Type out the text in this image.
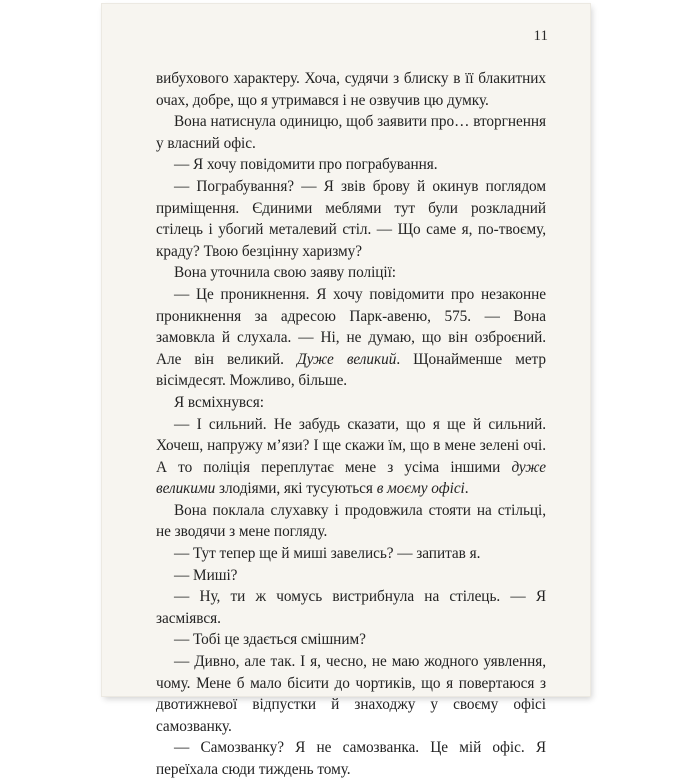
11

вибухового характеру. Хоча, судячи з блиску в її блакитних очах, добре, що я утримався і не озвучив цю думку.

Вона натиснула одиницю, щоб заявити про… вторгнення у власний офіс.

— Я хочу повідомити про пограбування.

— Пограбування? — Я звів брову й окинув поглядом приміщення. Єдиними меблями тут були розкладний стілець і убогий металевий стіл. — Що саме я, по-твоєму, краду? Твою безцінну харизму?

Вона уточнила свою заяву поліції:

— Це проникнення. Я хочу повідомити про незаконне проникнення за адресою Парк-авеню, 575. — Вона замовкла й слухала. — Ні, не думаю, що він озброєний. Але він великий. Дуже великий. Щонайменше метр вісімдесят. Можливо, більше.

Я всміхнувся:

— І сильний. Не забудь сказати, що я ще й сильний. Хочеш, напружу м’язи? І ще скажи їм, що в мене зелені очі. А то поліція переплутає мене з усіма іншими дуже великими злодіями, які тусуються в моєму офісі.

Вона поклала слухавку і продовжила стояти на стільці, не зводячи з мене погляду.

— Тут тепер ще й миші завелись? — запитав я.

— Миші?

— Ну, ти ж чомусь вистрибнула на стілець. — Я засміявся.

— Тобі це здається смішним?

— Дивно, але так. І я, чесно, не маю жодного уявлення, чому. Мене б мало бісити до чортиків, що я повертаюся з двотижневої відпустки й знаходжу у своєму офісі самозванку.

— Самозванку? Я не самозванка. Це мій офіс. Я переїхала сюди тиждень тому.
